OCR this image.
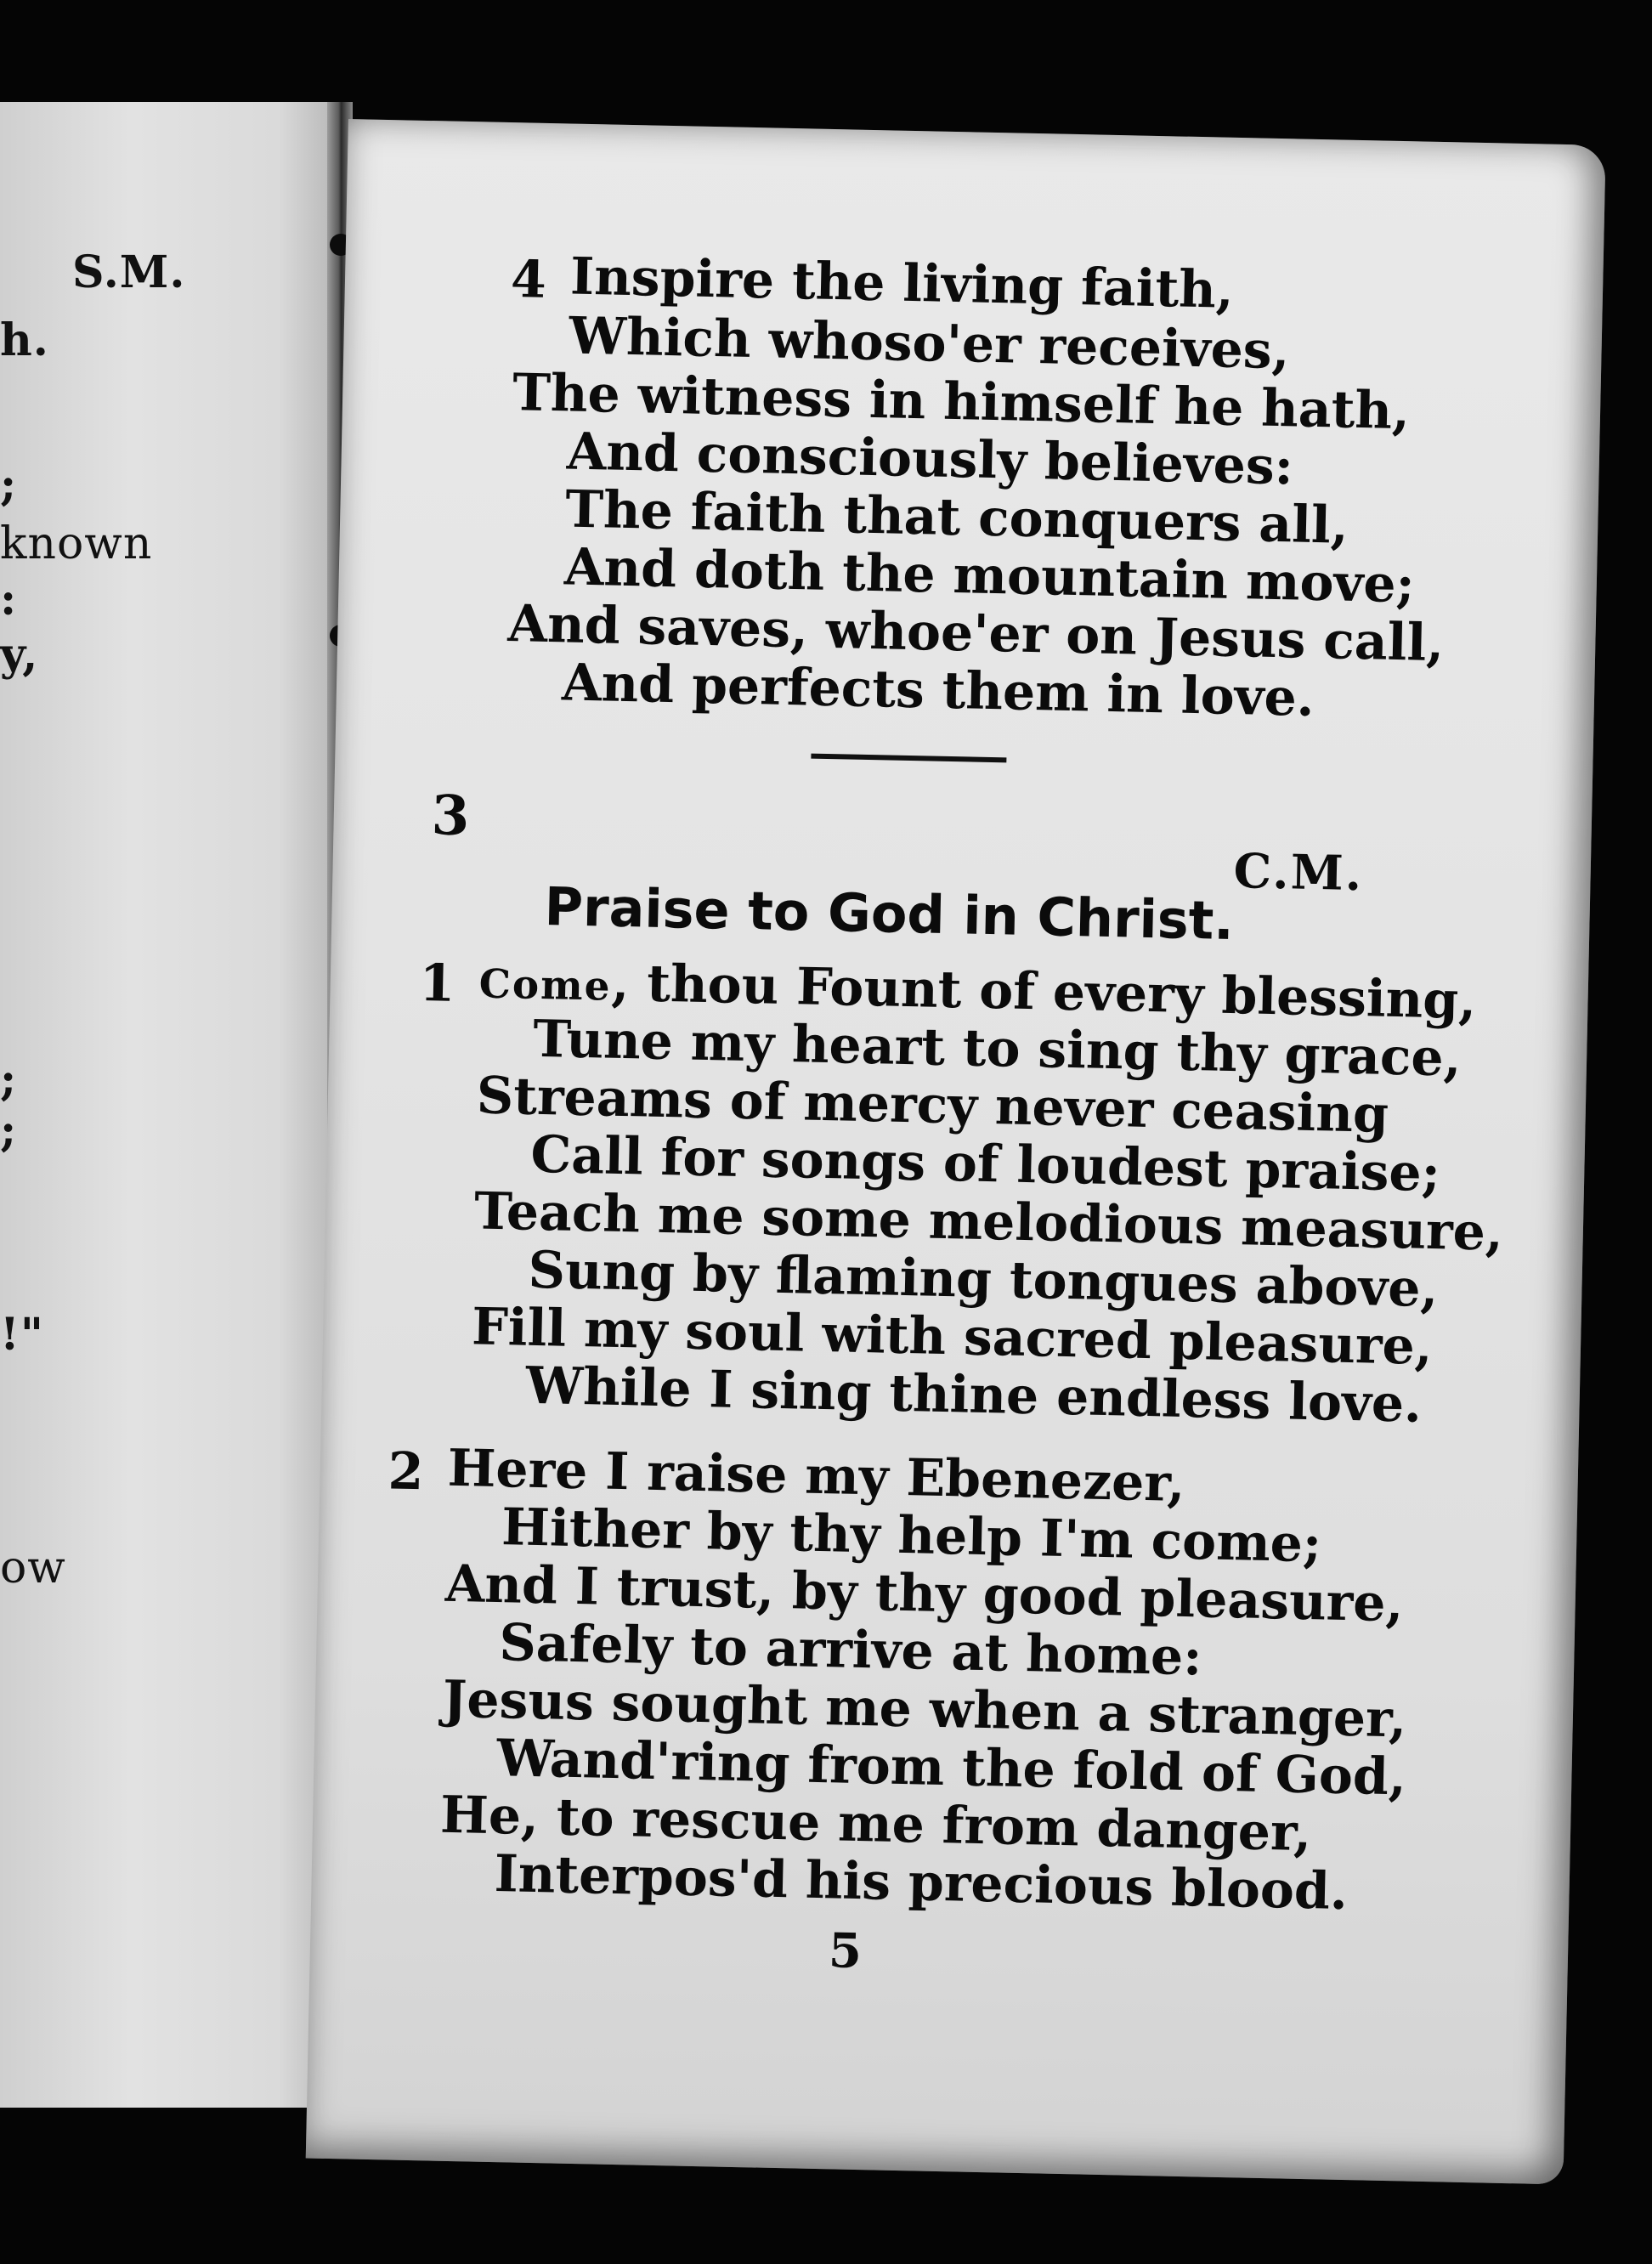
S.M.
h.
;
known
:
y,
;
;
!"
ow
4 Inspire the living faith,
Which whoso'er receives,
The witness in himself he hath,
And consciously believes:
The faith that conquers all,
And doth the mountain move;
And saves, whoe'er on Jesus call,
And perfects them in love.
3
C.M.
Praise to God in Christ.
1 Come, thou Fount of every blessing,
Tune my heart to sing thy grace,
Streams of mercy never ceasing
Call for songs of loudest praise;
Teach me some melodious measure,
Sung by flaming tongues above,
Fill my soul with sacred pleasure,
While I sing thine endless love.
2 Here I raise my Ebenezer,
Hither by thy help I'm come;
And I trust, by thy good pleasure,
Safely to arrive at home:
Jesus sought me when a stranger,
Wand'ring from the fold of God,
He, to rescue me from danger,
Interpos'd his precious blood.
5
